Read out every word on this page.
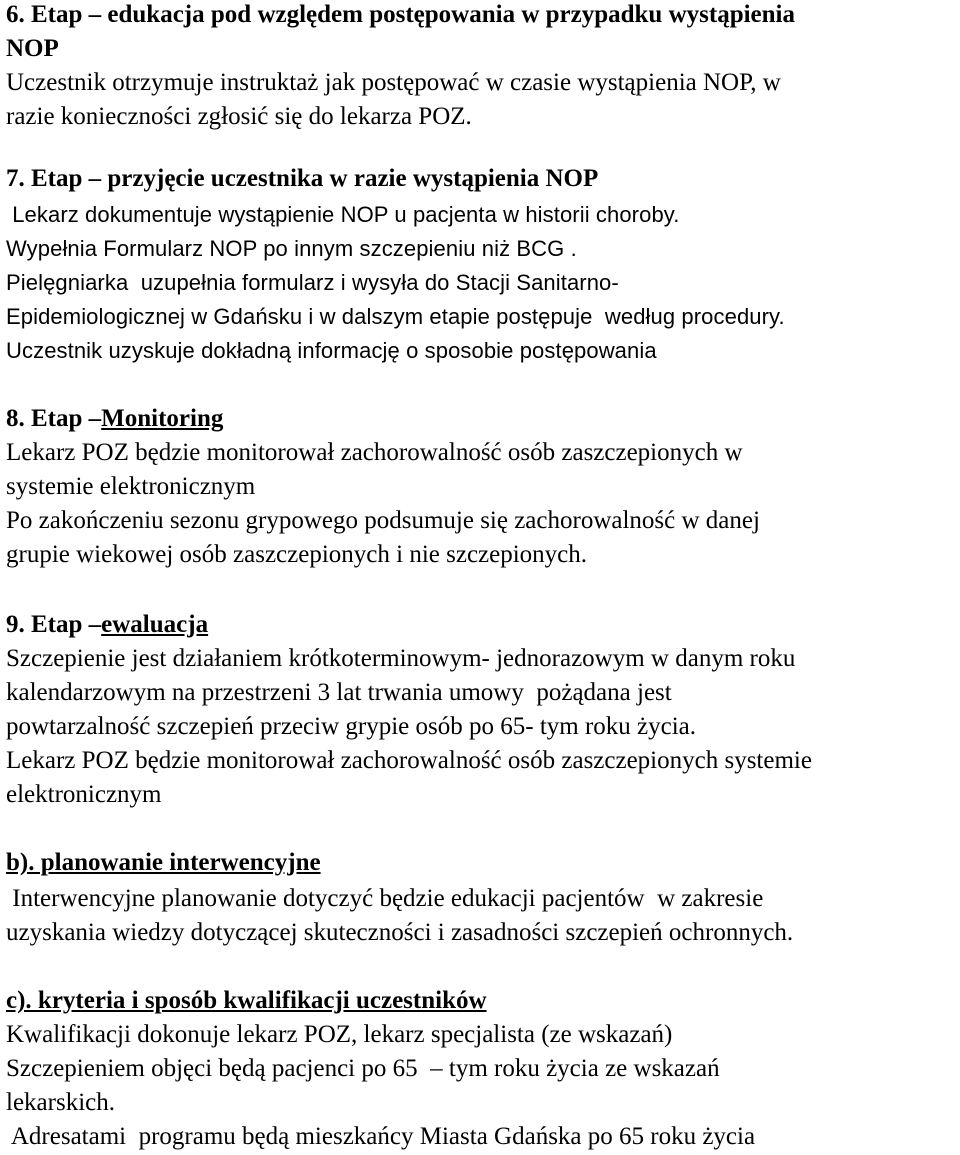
6. Etap – edukacja pod względem postępowania w przypadku wystąpienia
NOP
Uczestnik otrzymuje instruktaż jak postępować w czasie wystąpienia NOP, w
razie konieczności zgłosić się do lekarza POZ.
7. Etap – przyjęcie uczestnika w razie wystąpienia NOP
Lekarz dokumentuje wystąpienie NOP u pacjenta w historii choroby.
Wypełnia Formularz NOP po innym szczepieniu niż BCG .
Pielęgniarka  uzupełnia formularz i wysyła do Stacji Sanitarno-
Epidemiologicznej w Gdańsku i w dalszym etapie postępuje  według procedury.
Uczestnik uzyskuje dokładną informację o sposobie postępowania
8. Etap –Monitoring
Lekarz POZ będzie monitorował zachorowalność osób zaszczepionych w
systemie elektronicznym
Po zakończeniu sezonu grypowego podsumuje się zachorowalność w danej
grupie wiekowej osób zaszczepionych i nie szczepionych.
9. Etap –ewaluacja
Szczepienie jest działaniem krótkoterminowym- jednorazowym w danym roku
kalendarzowym na przestrzeni 3 lat trwania umowy  pożądana jest
powtarzalność szczepień przeciw grypie osób po 65- tym roku życia.
Lekarz POZ będzie monitorował zachorowalność osób zaszczepionych systemie
elektronicznym
b). planowanie interwencyjne
Interwencyjne planowanie dotyczyć będzie edukacji pacjentów  w zakresie
uzyskania wiedzy dotyczącej skuteczności i zasadności szczepień ochronnych.
c). kryteria i sposób kwalifikacji uczestników
Kwalifikacji dokonuje lekarz POZ, lekarz specjalista (ze wskazań)
Szczepieniem objęci będą pacjenci po 65  – tym roku życia ze wskazań
lekarskich.
Adresatami  programu będą mieszkańcy Miasta Gdańska po 65 roku życia
